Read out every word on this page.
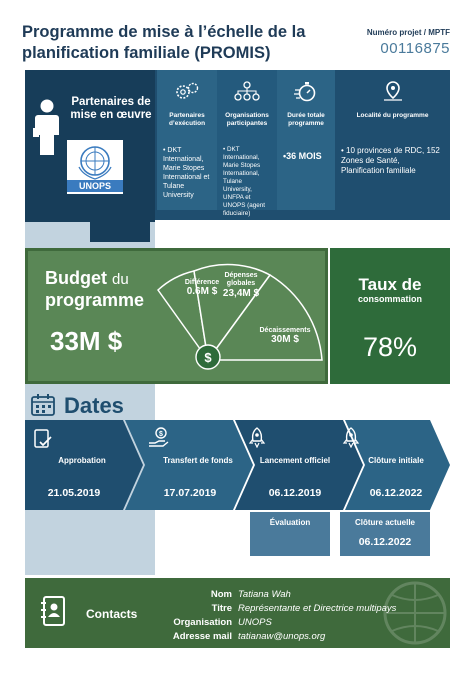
Programme de mise à l’échelle de la planification familiale (PROMIS)
Numéro projet / MPTF
00116875
Partenaires de mise en œuvre
UNOPS
Partenaires d’exécution
• DKT International, Marie Stopes International et Tulane University
Organisations participantes
• DKT International, Marie Stopes International, Tulane University, UNFPA et UNOPS (agent fiduciaire)
Durée totale programme
•36 MOIS
Localité du programme
• 10 provinces de RDC, 152 Zones de Santé, Planification familiale
Budget du
programme
33M $
$
Différence
0.6M $
Dépenses globales
23,4M $
Décaissements
30M $
Taux de
consommation
78%
Dates
Approbation
21.05.2019
$
Transfert de fonds
17.07.2019
Lancement officiel
06.12.2019
Clôture initiale
06.12.2022
Évaluation	Clôture actuelle
06.12.2022
Contacts
Nom Tatiana Wah
Titre Représentante et Directrice multipays
Organisation UNOPS
Adresse mail tatianaw@unops.org
